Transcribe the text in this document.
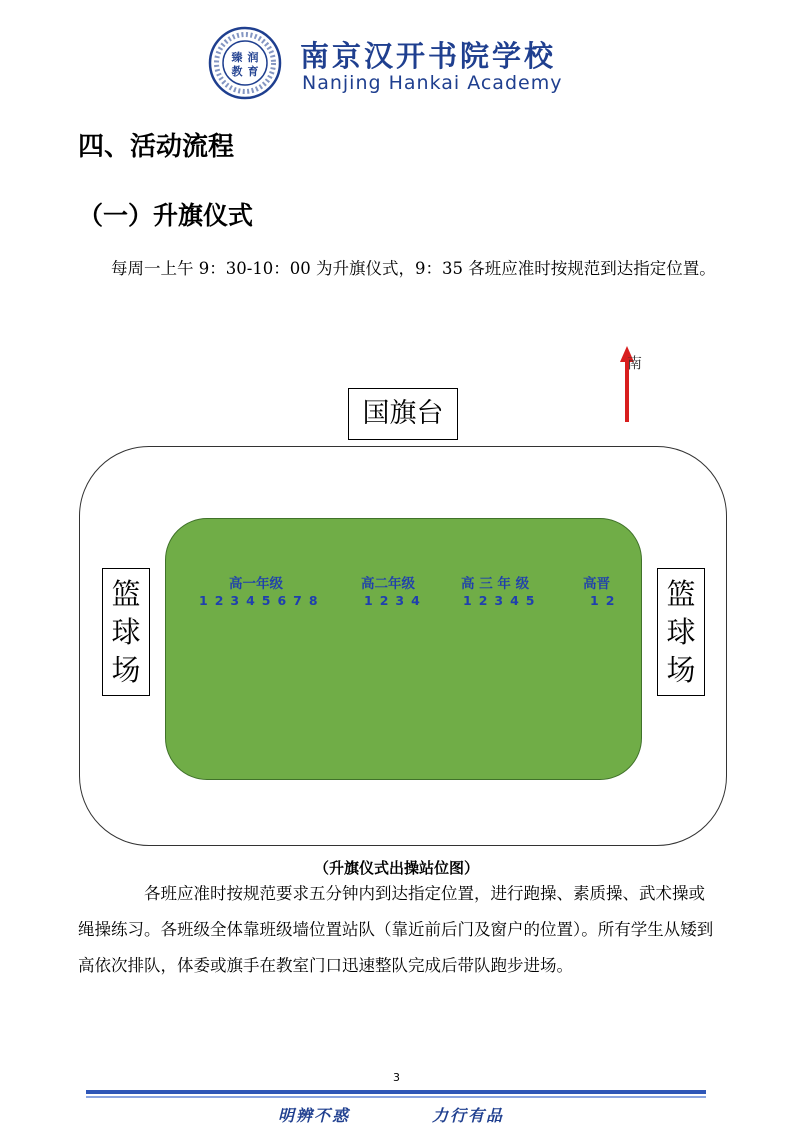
臻 润
教 育 南京汉开书院学校
Nanjing Hankai Academy
四、活动流程
（一）升旗仪式
每周一上午 9：30-10：00 为升旗仪式，9：35 各班应准时按规范到达指定位置。
南
国旗台
篮
球
场
篮
球
场
高一年级
12345678
高二年级
1234
高 三 年 级
12345
高晋
12
（升旗仪式出操站位图）
各班应准时按规范要求五分钟内到达指定位置，进行跑操、素质操、武术操或绳操练习。各班级全体靠班级墙位置站队（靠近前后门及窗户的位置）。所有学生从矮到高依次排队，体委或旗手在教室门口迅速整队完成后带队跑步进场。
3
明辨不惑	力行有品
